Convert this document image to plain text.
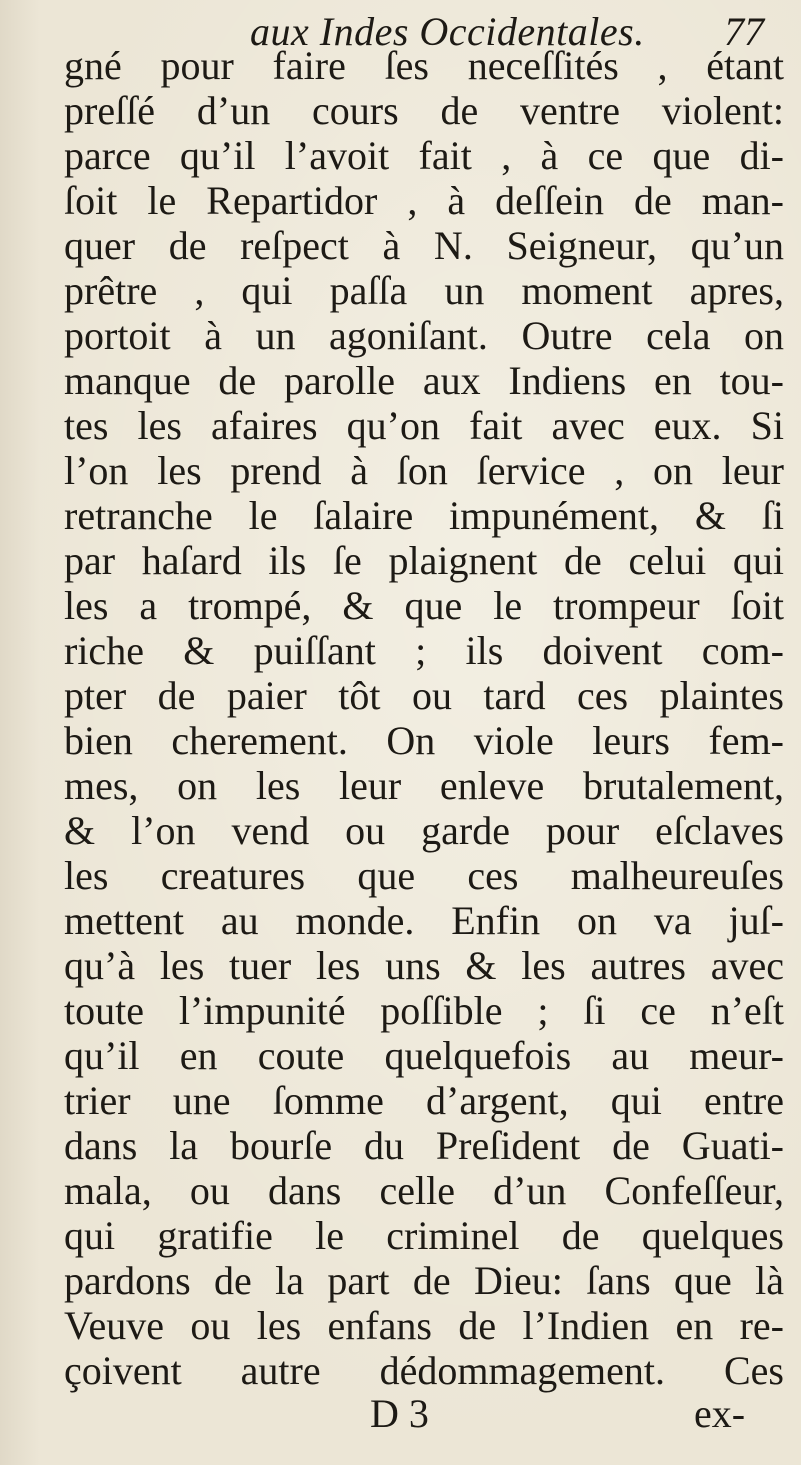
aux Indes Occidentales. 77
gné pour faire ſes neceſſités , étant
preſſé d’un cours de ventre violent:
parce qu’il l’avoit fait , à ce que di-
ſoit le Repartidor , à deſſein de man-
quer de reſpect à N. Seigneur, qu’un
prêtre , qui paſſa un moment apres,
portoit à un agoniſant. Outre cela on
manque de parolle aux Indiens en tou-
tes les afaires qu’on fait avec eux. Si
l’on les prend à ſon ſervice , on leur
retranche le ſalaire impunément, & ſi
par haſard ils ſe plaignent de celui qui
les a trompé, & que le trompeur ſoit
riche & puiſſant ; ils doivent com-
pter de paier tôt ou tard ces plaintes
bien cherement. On viole leurs fem-
mes, on les leur enleve brutalement,
& l’on vend ou garde pour eſclaves
les creatures que ces malheureuſes
mettent au monde. Enfin on va juſ-
qu’à les tuer les uns & les autres avec
toute l’impunité poſſible ; ſi ce n’eſt
qu’il en coute quelquefois au meur-
trier une ſomme d’argent, qui entre
dans la bourſe du Preſident de Guati-
mala, ou dans celle d’un Confeſſeur,
qui gratifie le criminel de quelques
pardons de la part de Dieu: ſans que là
Veuve ou les enfans de l’Indien en re-
çoivent autre dédommagement. Ces
D 3	ex-
